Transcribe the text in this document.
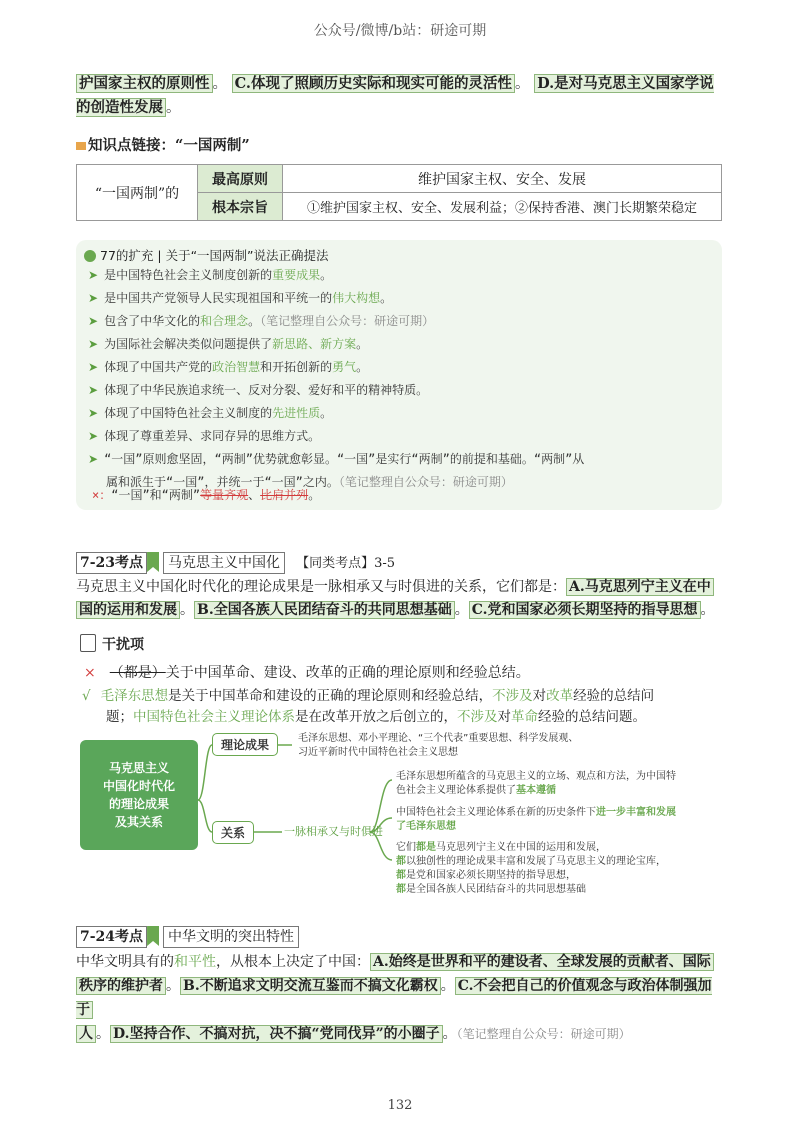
公众号/微博/b站：研途可期
护国家主权的原则性 。 C.体现了照顾历史实际和现实可能的灵活性 。 D.是对马克思主义国家学说的创造性发展 。
知识点链接：“一国两制”
“一国两制”的	最高原则	维护国家主权、安全、发展
	根本宗旨	①维护国家主权、安全、发展利益；②保持香港、澳门长期繁荣稳定
77的扩充 | 关于“一国两制”说法正确提法
➤ 是中国特色社会主义制度创新的重要成果。
➤ 是中国共产党领导人民实现祖国和平统一的伟大构想。
➤ 包含了中华文化的和合理念。（笔记整理自公众号：研途可期）
➤ 为国际社会解决类似问题提供了新思路、新方案。
➤ 体现了中国共产党的政治智慧和开拓创新的勇气。
➤ 体现了中华民族追求统一、反对分裂、爱好和平的精神特质。
➤ 体现了中国特色社会主义制度的先进性质。
➤ 体现了尊重差异、求同存异的思维方式。
➤ “一国”原则愈坚固，“两制”优势就愈彰显。“一国”是实行“两制”的前提和基础。“两制”从
属和派生于“一国”，并统一于“一国”之内。（笔记整理自公众号：研途可期）
×：“一国”和“两制”等量齐观、比肩并列。
7-23考点 马克思主义中国化 【同类考点】3-5
马克思主义中国化时代化的理论成果是一脉相承又与时俱进的关系，它们都是： A.马克思列宁主义在中
国的运用和发展 。 B.全国各族人民团结奋斗的共同思想基础 。 C.党和国家必须长期坚持的指导思想 。
干扰项
× （都是）关于中国革命、建设、改革的正确的理论原则和经验总结。
√ 毛泽东思想是关于中国革命和建设的正确的理论原则和经验总结，不涉及对改革经验的总结问
题；中国特色社会主义理论体系是在改革开放之后创立的，不涉及对革命经验的总结问题。
马克思主义
中国化时代化
的理论成果
及其关系
理论成果	毛泽东思想、邓小平理论、“三个代表”重要思想、科学发展观、
习近平新时代中国特色社会主义思想
关系	一脉相承又与时俱进
毛泽东思想所蕴含的马克思主义的立场、观点和方法，为中国特
色社会主义理论体系提供了基本遵循
中国特色社会主义理论体系在新的历史条件下进一步丰富和发展
了毛泽东思想
它们都是马克思列宁主义在中国的运用和发展，
都以独创性的理论成果丰富和发展了马克思主义的理论宝库，
都是党和国家必须长期坚持的指导思想，
都是全国各族人民团结奋斗的共同思想基础
7-24考点 中华文明的突出特性
中华文明具有的和平性，从根本上决定了中国： A.始终是世界和平的建设者、全球发展的贡献者、国际
秩序的维护者 。 B.不断追求文明交流互鉴而不搞文化霸权 。 C.不会把自己的价值观念与政治体制强加于
人 。 D.坚持合作、不搞对抗，决不搞“党同伐异”的小圈子 。（笔记整理自公众号：研途可期）
132
